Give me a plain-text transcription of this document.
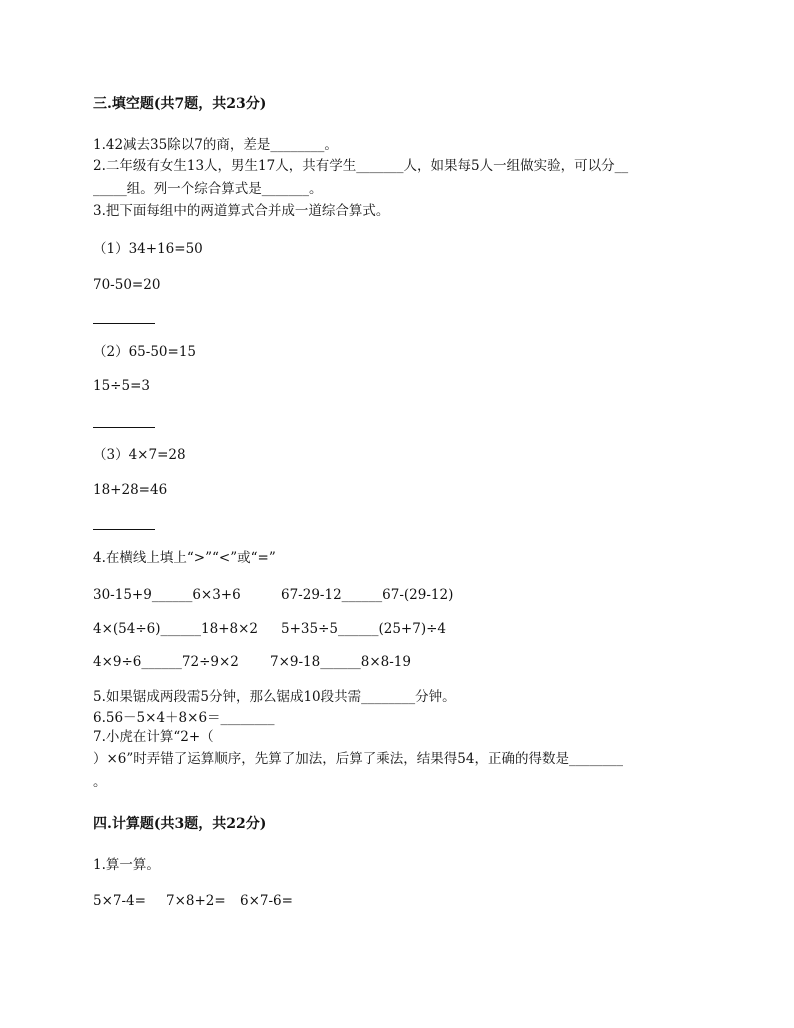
三.填空题(共7题，共23分)
1.42减去35除以7的商，差是________。
2.二年级有女生13人，男生17人，共有学生_______人，如果每5人一组做实验，可以分__
_____组。列一个综合算式是_______。
3.把下面每组中的两道算式合并成一道综合算式。
（1）34+16=50
70-50=20
（2）65-50=15
15÷5=3
（3）4×7=28
18+28=46
4.在横线上填上“>”“<”或“=”
30-15+9______6×3+6	67-29-12______67-(29-12)
4×(54÷6)______18+8×2 5+35÷5______(25+7)÷4
4×9÷6______72÷9×2 7×9-18______8×8-19
5.如果锯成两段需5分钟，那么锯成10段共需________分钟。
6.56－5×4＋8×6＝________
7.小虎在计算“2+（
）×6”时弄错了运算顺序，先算了加法，后算了乘法，结果得54，正确的得数是________
。
四.计算题(共3题，共22分)
1.算一算。
5×7-4= 7×8+2= 6×7-6=
